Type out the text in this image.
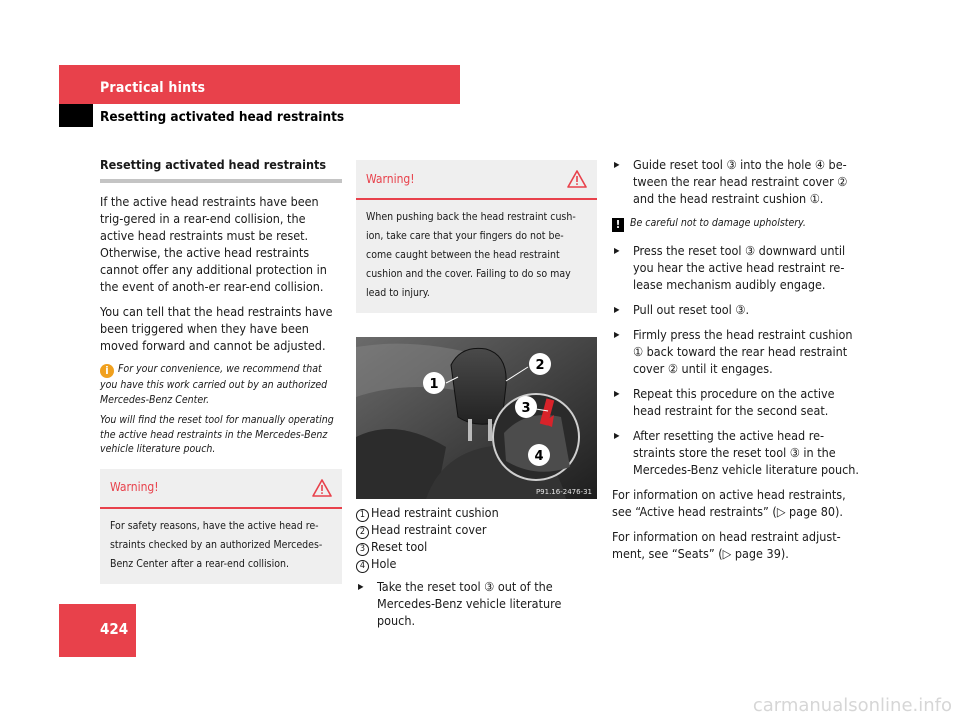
Practical hints
Resetting activated head restraints
Resetting activated head restraints

If the active head restraints have been trig-gered in a rear-end collision, the active head restraints must be reset. Otherwise, the active head restraints cannot offer any additional protection in the event of anoth-er rear-end collision.

You can tell that the head restraints have been triggered when they have been moved forward and cannot be adjusted.

i For your convenience, we recommend that you have this work carried out by an authorized Mercedes-Benz Center.

You will find the reset tool for manually operating the active head restraints in the Mercedes-Benz vehicle literature pouch.

Warning!
For safety reasons, have the active head re-straints checked by an authorized Mercedes-Benz Center after a rear-end collision.
Warning!
When pushing back the head restraint cush-ion, take care that your fingers do not be-come caught between the head restraint cushion and the cover. Failing to do so may lead to injury.
1
2
3
4
P91.16-2476-31
1 Head restraint cushion
2 Head restraint cover
3 Reset tool
4 Hole
▶ Take the reset tool ③ out of the Mercedes-Benz vehicle literature pouch.
▶ Guide reset tool ③ into the hole ④ be-tween the rear head restraint cover ② and the head restraint cushion ①.
! Be careful not to damage upholstery.
▶ Press the reset tool ③ downward until you hear the active head restraint re-lease mechanism audibly engage.
▶ Pull out reset tool ③.
▶ Firmly press the head restraint cushion ① back toward the rear head restraint cover ② until it engages.
▶ Repeat this procedure on the active head restraint for the second seat.
▶ After resetting the active head re-straints store the reset tool ③ in the Mercedes-Benz vehicle literature pouch.

For information on active head restraints, see “Active head restraints” (▷ page 80).

For information on head restraint adjust-ment, see “Seats” (▷ page 39).

424
carmanualsonline.info
